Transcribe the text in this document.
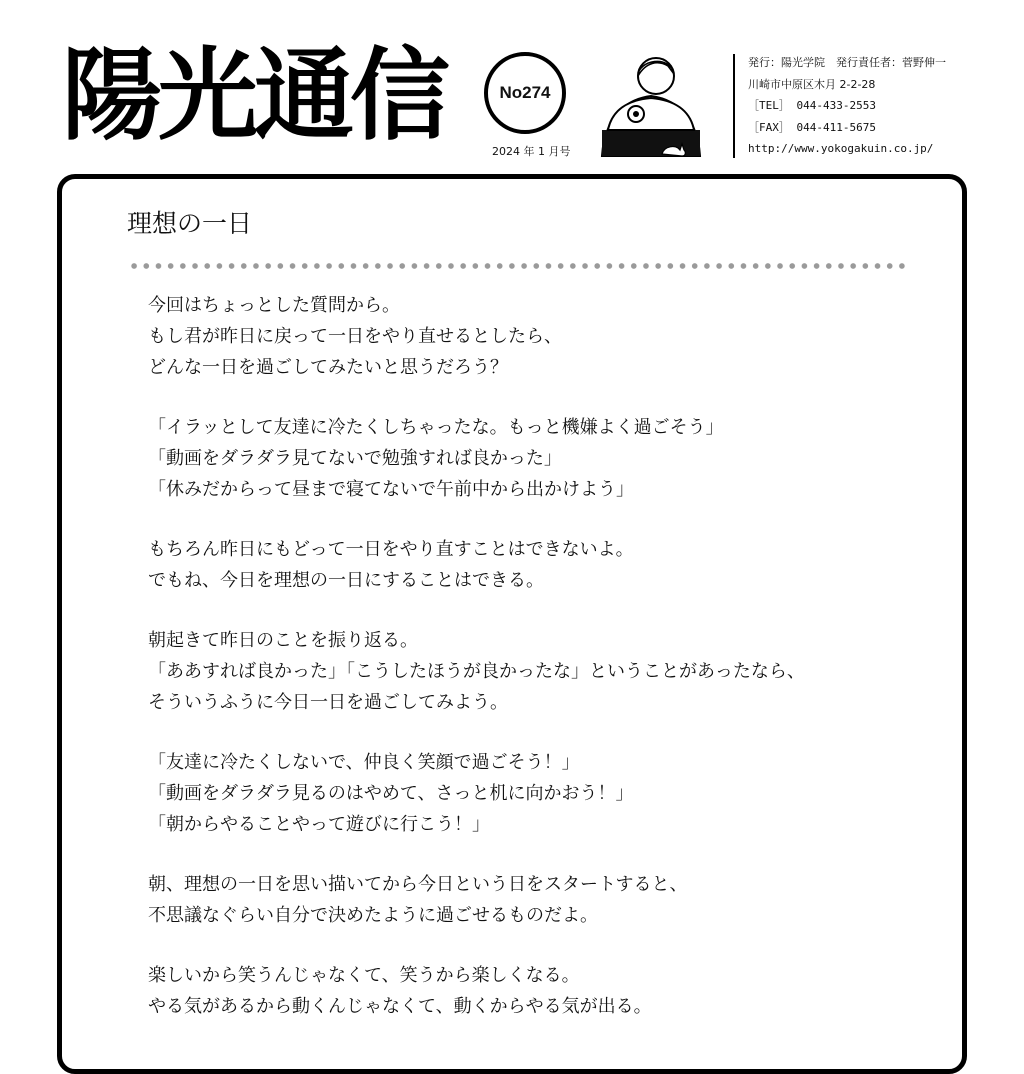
陽光通信	No274
2024 年 1 月号
発行：陽光学院　発行責任者：菅野伸一
川崎市中原区木月 2-2-28
［TEL］ 044-433-2553
［FAX］ 044-411-5675
http://www.yokogakuin.co.jp/
理想の一日
今回はちょっとした質問から。
もし君が昨日に戻って一日をやり直せるとしたら、
どんな一日を過ごしてみたいと思うだろう？
「イラッとして友達に冷たくしちゃったな。もっと機嫌よく過ごそう」
「動画をダラダラ見てないで勉強すれば良かった」
「休みだからって昼まで寝てないで午前中から出かけよう」
もちろん昨日にもどって一日をやり直すことはできないよ。
でもね、今日を理想の一日にすることはできる。
朝起きて昨日のことを振り返る。
「ああすれば良かった」「こうしたほうが良かったな」ということがあったなら、
そういうふうに今日一日を過ごしてみよう。
「友達に冷たくしないで、仲良く笑顔で過ごそう！」
「動画をダラダラ見るのはやめて、さっと机に向かおう！」
「朝からやることやって遊びに行こう！」
朝、理想の一日を思い描いてから今日という日をスタートすると、
不思議なぐらい自分で決めたように過ごせるものだよ。
楽しいから笑うんじゃなくて、笑うから楽しくなる。
やる気があるから動くんじゃなくて、動くからやる気が出る。
